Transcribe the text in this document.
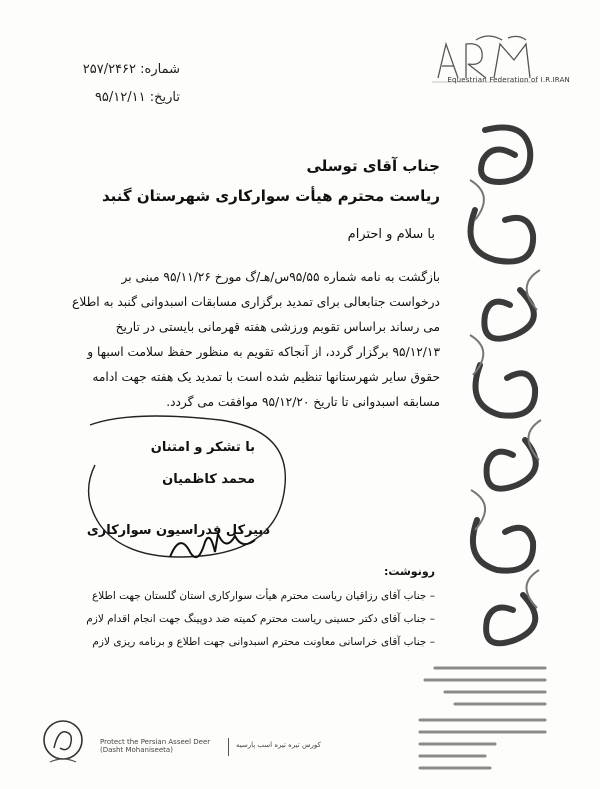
شماره: ۲۵۷/۲۴۶۲
تاریخ: ۹۵/۱۲/۱۱
Equestrian Federation of I.R.IRAN
جناب آقای توسلی
ریاست محترم هیأت سوارکاری شهرستان گنبد
با سلام و احترام

بازگشت به نامه شماره ۹۵/۵۵س/هـ/گ مورخ ۹۵/۱۱/۲۶ مبنی بر

درخواست جنابعالی برای تمدید برگزاری مسابقات اسبدوانی گنبد به اطلاع

می رساند براساس تقویم ورزشی هفته قهرمانی بایستی در تاریخ

۹۵/۱۲/۱۳ برگزار گردد، از آنجاکه تقویم به منظور حفظ سلامت اسبها و

حقوق سایر شهرستانها تنظیم شده است با تمدید یک هفته جهت ادامه

مسابقه اسبدوانی تا تاریخ ۹۵/۱۲/۲۰ موافقت می گردد.

با تشکر و امتنان
محمد کاظمیان
دبیرکل فدراسیون سوارکاری
رونوشت:
– جناب آقای رزاقیان ریاست محترم هیأت سوارکاری استان گلستان جهت اطلاع
– جناب آقای دکتر حسینی ریاست محترم کمیته ضد دوپینگ جهت انجام اقدام لازم
– جناب آقای خراسانی معاونت محترم اسبدوانی جهت اطلاع و برنامه ریزی لازم
Protect the Persian Asseel Deer
(Dasht Mohaniseeta)
کورس تیره تیره اسب پارسیه
